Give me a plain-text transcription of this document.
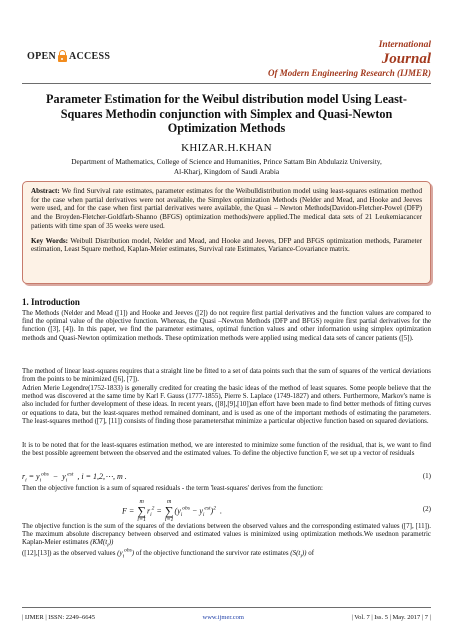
OPEN ACCESS
International
Journal
Of Modern Engineering Research (IJMER)
Parameter Estimation for the Weibul distribution model Using Least-Squares Methodin conjunction with Simplex and Quasi-Newton Optimization Methods
KHIZAR.H.KHAN
Department of Mathematics, College of Science and Humanities, Prince Sattam Bin Abdulaziz University,
Al-Kharj, Kingdom of Saudi Arabia

Abstract: We find Survival rate estimates, parameter estimates for the Weibulldistribution model using least-squares estimation method for the case when partial derivatives were not available, the Simplex optimization Methods (Nelder and Mead, and Hooke and Jeeves were used, and for the case when first partial derivatives were available, the Quasi – Newton Methods(Davidon-Fletcher-Powel (DFP) and the Broyden-Fletcher-Goldfarb-Shanno (BFGS) optimization methods)were applied.The medical data sets of 21 Leukemiacancer patients with time span of 35 weeks were used.

Key Words: Weibull Distribution model, Nelder and Mead, and Hooke and Jeeves, DFP and BFGS optimization methods, Parameter estimation, Least Square method, Kaplan-Meier estimates, Survival rate Estimates, Variance-Covariance matrix.

1. Introduction
The Methods (Nelder and Mead ([1]) and Hooke and Jeeves ([2]) do not require first partial derivatives and the function values are compared to find the optimal value of the objective function. Whereas, the Quasi –Newton Methods (DFP and BFGS) require first partial derivatives for the function ([3], [4]). In this paper, we find the parameter estimates, optimal function values and other information using simplex optimization methods and Quasi-Newton optimization methods. These optimization methods were applied using medical data sets of cancer patients ([5]).
The method of linear least-squares requires that a straight line be fitted to a set of data points such that the sum of squares of the vertical deviations from the points to be minimized ([6], [7]).
Adrien Merie Legendre(1752-1833) is generally credited for creating the basic ideas of the method of least squares. Some people believe that the method was discovered at the same time by Karl F. Gauss (1777-1855), Pierre S. Laplace (1749-1827) and others. Furthermore, Markov's name is also included for further development of these ideas. In recent years, ([8],[9],[10])an effort have been made to find better methods of fitting curves or equations to data, but the least-squares method remained dominant, and is used as one of the important methods of estimating the parameters. The least-squares method ([7], [11]) consists of finding those parametersthat minimize a particular objective function based on squared deviations.
It is to be noted that for the least-squares estimation method, we are interested to minimize some function of the residual, that is, we want to find the best possible agreement between the observed and the estimated values. To define the objective function F, we set up a vector of residuals
$r_i = y_i^{obs} - y_i^{est}$  , i = 1,2,⋯, m .	(1)
Then the objective function is a sum of squared residuals - the term 'least-squares' derives from the function:
F = m
∑
$i=1r_i^2 = m$
∑
$i=1(y_i^{obs} - y_i^{est})^2$  .	(2)
The objective function is the sum of the squares of the deviations between the observed values and the corresponding estimated values ([7], [11]). The maximum absolute discrepancy between observed and estimated values is minimized using optimization methods.We usednon parametric Kaplan-Meier estimates $(KM(t_i))$
([12],[13]) as the observed values $(y_i^{obs})$ of the objective functionand the survivor rate estimates $(S(t_i))$ of
| IJMER | ISSN: 2249–6645	www.ijmer.com	| Vol. 7 | Iss. 5 | May. 2017 | 7 |
